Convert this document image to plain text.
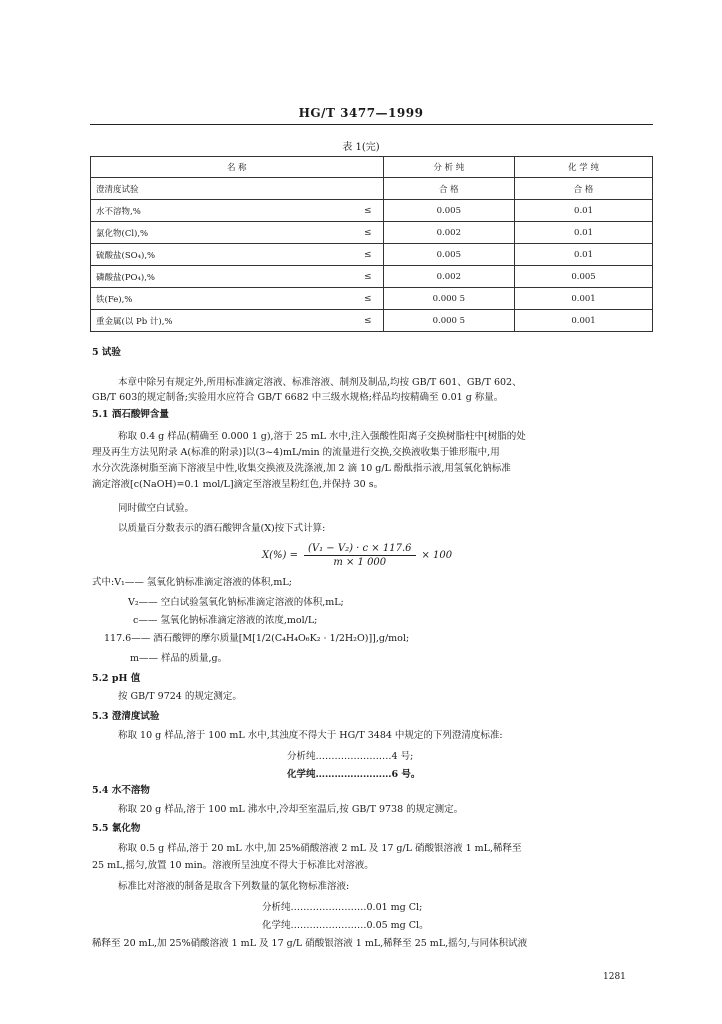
HG/T 3477—1999
表 1(完)
名 称	分 析 纯	化 学 纯

澄清度试验	合 格	合 格

水不溶物,% ≤	0.005	0.01

氯化物(Cl),% ≤	0.002	0.01

硫酸盐(SO₄),% ≤	0.005	0.01

磷酸盐(PO₄),% ≤	0.002	0.005

铁(Fe),% ≤	0.000 5	0.001

重金属(以 Pb 计),% ≤	0.000 5	0.001
5 试验
本章中除另有规定外,所用标准滴定溶液、标准溶液、制剂及制品,均按 GB/T 601、GB/T 602、
GB/T 603的规定制备;实验用水应符合 GB/T 6682 中三级水规格;样品均按精确至 0.01 g 称量。
5.1 酒石酸钾含量
称取 0.4 g 样品(精确至 0.000 1 g),溶于 25 mL 水中,注入强酸性阳离子交换树脂柱中[树脂的处
理及再生方法见附录 A(标准的附录)]以(3~4)mL/min 的流量进行交换,交换液收集于锥形瓶中,用
水分次洗涤树脂至滴下溶液呈中性,收集交换液及洗涤液,加 2 滴 10 g/L 酚酞指示液,用氢氧化钠标准
滴定溶液[c(NaOH)=0.1 mol/L]滴定至溶液呈粉红色,并保持 30 s。
同时做空白试验。
以质量百分数表示的酒石酸钾含量(X)按下式计算:
$X(\%) = \frac{\text{(V₁ − V₂) · c × 117.6}}{m \times 1 000} \times 100$
式中:V₁—— 氢氧化钠标准滴定溶液的体积,mL;
V₂—— 空白试验氢氧化钠标准滴定溶液的体积,mL;
c—— 氢氧化钠标准滴定溶液的浓度,mol/L;
117.6—— 酒石酸钾的摩尔质量[M[1/2(C₄H₄O₆K₂ · 1/2H₂O)]],g/mol;
m—— 样品的质量,g。
5.2 pH 值
按 GB/T 9724 的规定测定。
5.3 澄清度试验
称取 10 g 样品,溶于 100 mL 水中,其浊度不得大于 HG/T 3484 中规定的下列澄清度标准:
分析纯……………………4 号;
化学纯……………………6 号。
5.4 水不溶物
称取 20 g 样品,溶于 100 mL 沸水中,冷却至室温后,按 GB/T 9738 的规定测定。
5.5 氯化物
称取 0.5 g 样品,溶于 20 mL 水中,加 25%硝酸溶液 2 mL 及 17 g/L 硝酸银溶液 1 mL,稀释至
25 mL,摇匀,放置 10 min。溶液所呈浊度不得大于标准比对溶液。
标准比对溶液的制备是取含下列数量的氯化物标准溶液:
分析纯……………………0.01 mg Cl;
化学纯……………………0.05 mg Cl。
稀释至 20 mL,加 25%硝酸溶液 1 mL 及 17 g/L 硝酸银溶液 1 mL,稀释至 25 mL,摇匀,与同体积试液
1281
